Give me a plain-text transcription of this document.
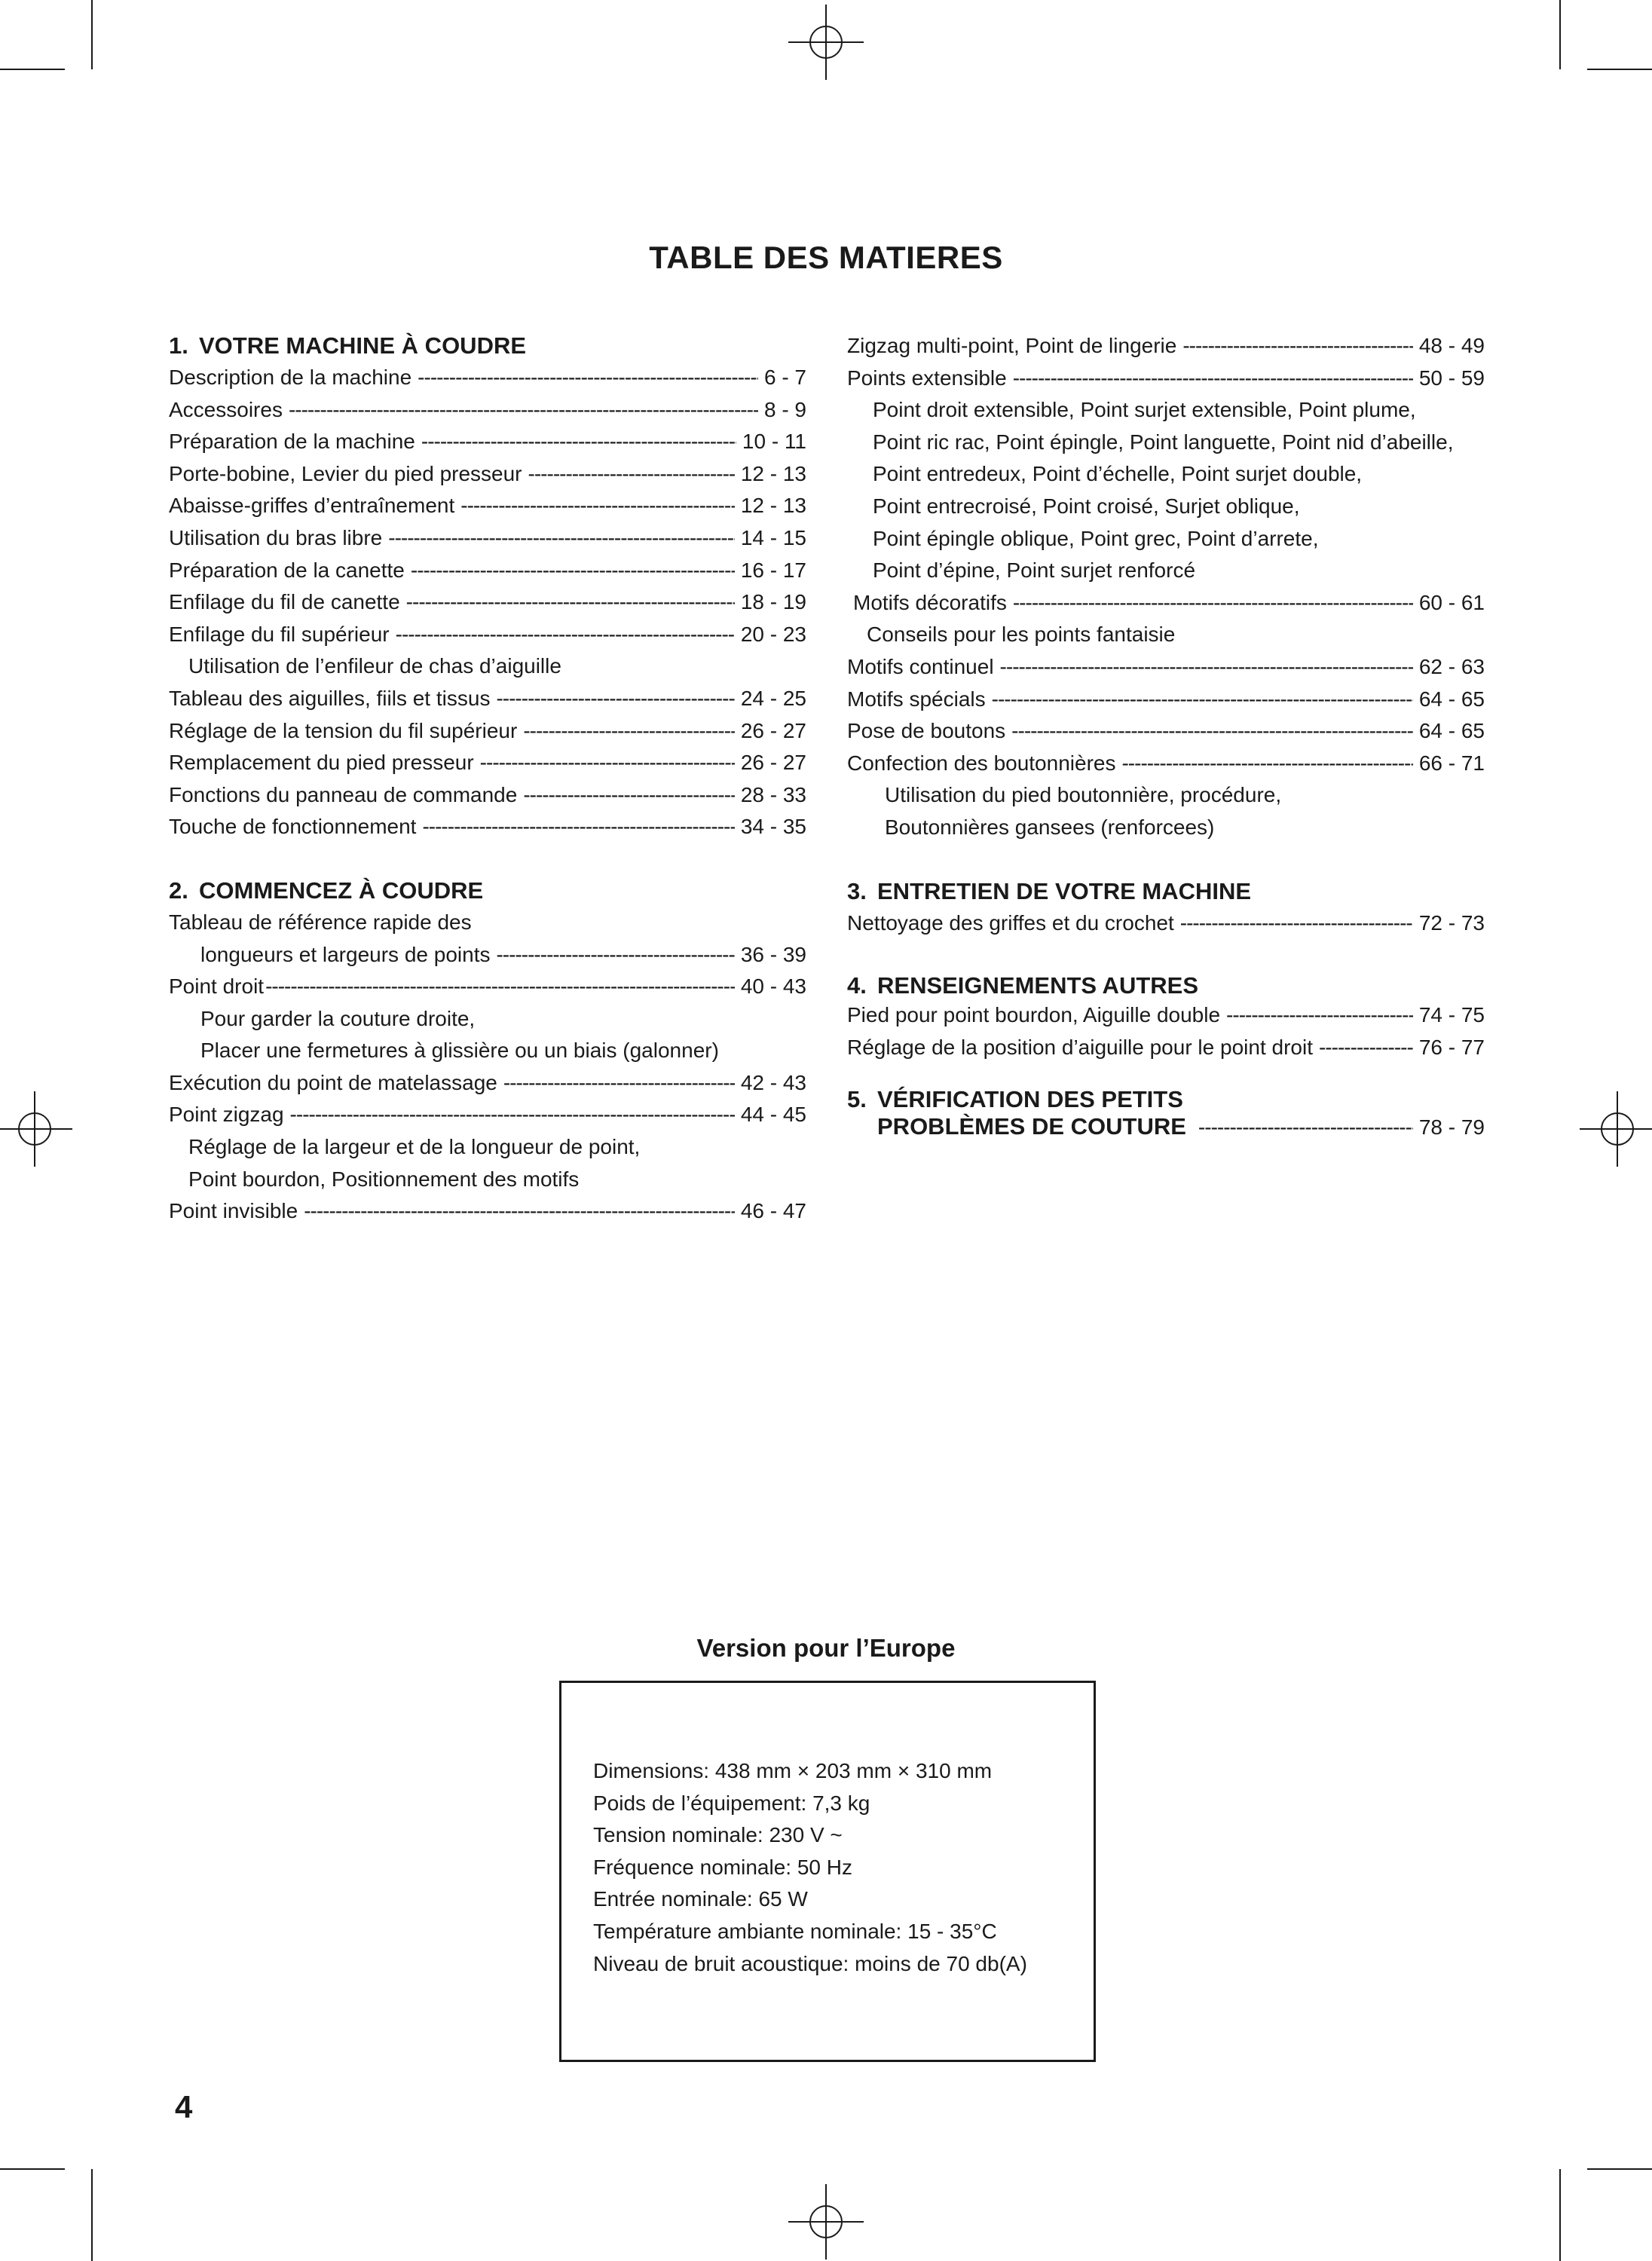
TABLE DES MATIERES
1. VOTRE MACHINE À COUDRE
Description de la machine -----	6 - 7
Accessoires -----	8 - 9
Préparation de la machine -----	10 - 11
Porte-bobine, Levier du pied presseur -----	12 - 13
Abaisse-griffes d’entraînement -----	12 - 13
Utilisation du bras libre -----	14 - 15
Préparation de la canette -----	16 - 17
Enfilage du fil de canette -----	18 - 19
Enfilage du fil supérieur -----	20 - 23
Utilisation de l’enfileur de chas d’aiguille
Tableau des aiguilles, fiils et tissus -----	24 - 25
Réglage de la tension du fil supérieur -----	26 - 27
Remplacement du pied presseur -----	26 - 27
Fonctions du panneau de commande -----	28 - 33
Touche de fonctionnement -----	34 - 35
2. COMMENCEZ À COUDRE
Tableau de référence rapide des
longueurs et largeurs de points -----	36 - 39
Point droit -----	40 - 43
Pour garder la couture droite,
Placer une fermetures à glissière ou un biais (galonner)
Exécution du point de matelassage -----	42 - 43
Point zigzag -----	44 - 45
Réglage de la largeur et de la longueur de point,
Point bourdon, Positionnement des motifs
Point invisible -----	46 - 47
Zigzag multi-point, Point de lingerie -----	48 - 49
Points extensible -----	50 - 59
Point droit extensible, Point surjet extensible, Point plume,
Point ric rac, Point épingle, Point languette, Point nid d’abeille,
Point entredeux, Point d’échelle, Point surjet double,
Point entrecroisé, Point croisé, Surjet oblique,
Point épingle oblique, Point grec, Point d’arrete,
Point d’épine, Point surjet renforcé
Motifs décoratifs -----	60 - 61
Conseils pour les points fantaisie
Motifs continuel -----	62 - 63
Motifs spécials -----	64 - 65
Pose de boutons -----	64 - 65
Confection des boutonnières -----	66 - 71
Utilisation du pied boutonnière, procédure,
Boutonnières gansees (renforcees)
3. ENTRETIEN DE VOTRE MACHINE
Nettoyage des griffes et du crochet -----	72 - 73
4. RENSEIGNEMENTS AUTRES
Pied pour point bourdon, Aiguille double -----	74 - 75
Réglage de la position d’aiguille pour le point droit -----	76 - 77
5. VÉRIFICATION DES PETITS
PROBLÈMES DE COUTURE -----	78 - 79
Version pour l’Europe
Dimensions: 438 mm × 203 mm × 310 mm
Poids de l’équipement: 7,3 kg
Tension nominale: 230 V ~
Fréquence nominale: 50 Hz
Entrée nominale: 65 W
Température ambiante nominale: 15 - 35°C
Niveau de bruit acoustique: moins de 70 db(A)
4
